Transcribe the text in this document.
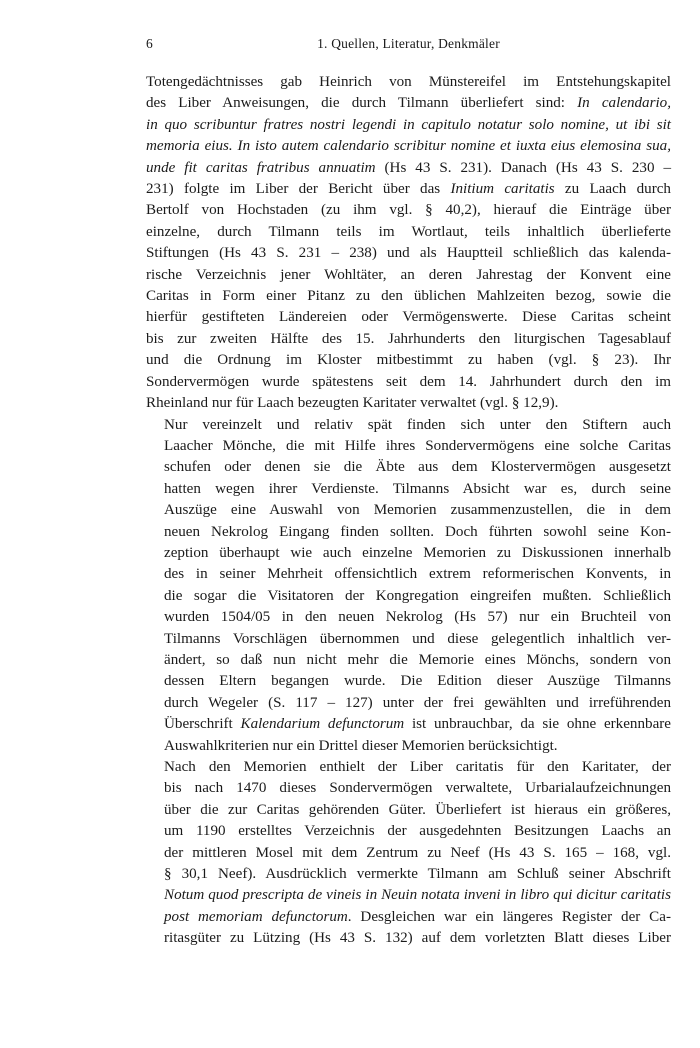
6	1. Quellen, Literatur, Denkmäler
Totengedächtnisses gab Heinrich von Münstereifel im Entstehungskapitel
des Liber Anweisungen, die durch Tilmann überliefert sind: In calendario,
in quo scribuntur fratres nostri legendi in capitulo notatur solo nomine, ut ibi sit
memoria eius. In isto autem calendario scribitur nomine et iuxta eius elemosina sua,
unde fit caritas fratribus annuatim (Hs 43 S. 231). Danach (Hs 43 S. 230 –
231) folgte im Liber der Bericht über das Initium caritatis zu Laach durch
Bertolf von Hochstaden (zu ihm vgl. § 40,2), hierauf die Einträge über
einzelne, durch Tilmann teils im Wortlaut, teils inhaltlich überlieferte
Stiftungen (Hs 43 S. 231 – 238) und als Hauptteil schließlich das kalenda-
rische Verzeichnis jener Wohltäter, an deren Jahrestag der Konvent eine
Caritas in Form einer Pitanz zu den üblichen Mahlzeiten bezog, sowie die
hierfür gestifteten Ländereien oder Vermögenswerte. Diese Caritas scheint
bis zur zweiten Hälfte des 15. Jahrhunderts den liturgischen Tagesablauf
und die Ordnung im Kloster mitbestimmt zu haben (vgl. § 23). Ihr
Sondervermögen wurde spätestens seit dem 14. Jahrhundert durch den im
Rheinland nur für Laach bezeugten Karitater verwaltet (vgl. § 12,9).
Nur vereinzelt und relativ spät finden sich unter den Stiftern auch
Laacher Mönche, die mit Hilfe ihres Sondervermögens eine solche Caritas
schufen oder denen sie die Äbte aus dem Klostervermögen ausgesetzt
hatten wegen ihrer Verdienste. Tilmanns Absicht war es, durch seine
Auszüge eine Auswahl von Memorien zusammenzustellen, die in dem
neuen Nekrolog Eingang finden sollten. Doch führten sowohl seine Kon-
zeption überhaupt wie auch einzelne Memorien zu Diskussionen innerhalb
des in seiner Mehrheit offensichtlich extrem reformerischen Konvents, in
die sogar die Visitatoren der Kongregation eingreifen mußten. Schließlich
wurden 1504/05 in den neuen Nekrolog (Hs 57) nur ein Bruchteil von
Tilmanns Vorschlägen übernommen und diese gelegentlich inhaltlich ver-
ändert, so daß nun nicht mehr die Memorie eines Mönchs, sondern von
dessen Eltern begangen wurde. Die Edition dieser Auszüge Tilmanns
durch Wegeler (S. 117 – 127) unter der frei gewählten und irreführenden
Überschrift Kalendarium defunctorum ist unbrauchbar, da sie ohne erkennbare
Auswahlkriterien nur ein Drittel dieser Memorien berücksichtigt.
Nach den Memorien enthielt der Liber caritatis für den Karitater, der
bis nach 1470 dieses Sondervermögen verwaltete, Urbarialaufzeichnungen
über die zur Caritas gehörenden Güter. Überliefert ist hieraus ein größeres,
um 1190 erstelltes Verzeichnis der ausgedehnten Besitzungen Laachs an
der mittleren Mosel mit dem Zentrum zu Neef (Hs 43 S. 165 – 168, vgl.
§ 30,1 Neef). Ausdrücklich vermerkte Tilmann am Schluß seiner Abschrift
Notum quod prescripta de vineis in Neuin notata inveni in libro qui dicitur caritatis
post memoriam defunctorum. Desgleichen war ein längeres Register der Ca-
ritasgüter zu Lützing (Hs 43 S. 132) auf dem vorletzten Blatt dieses Liber
